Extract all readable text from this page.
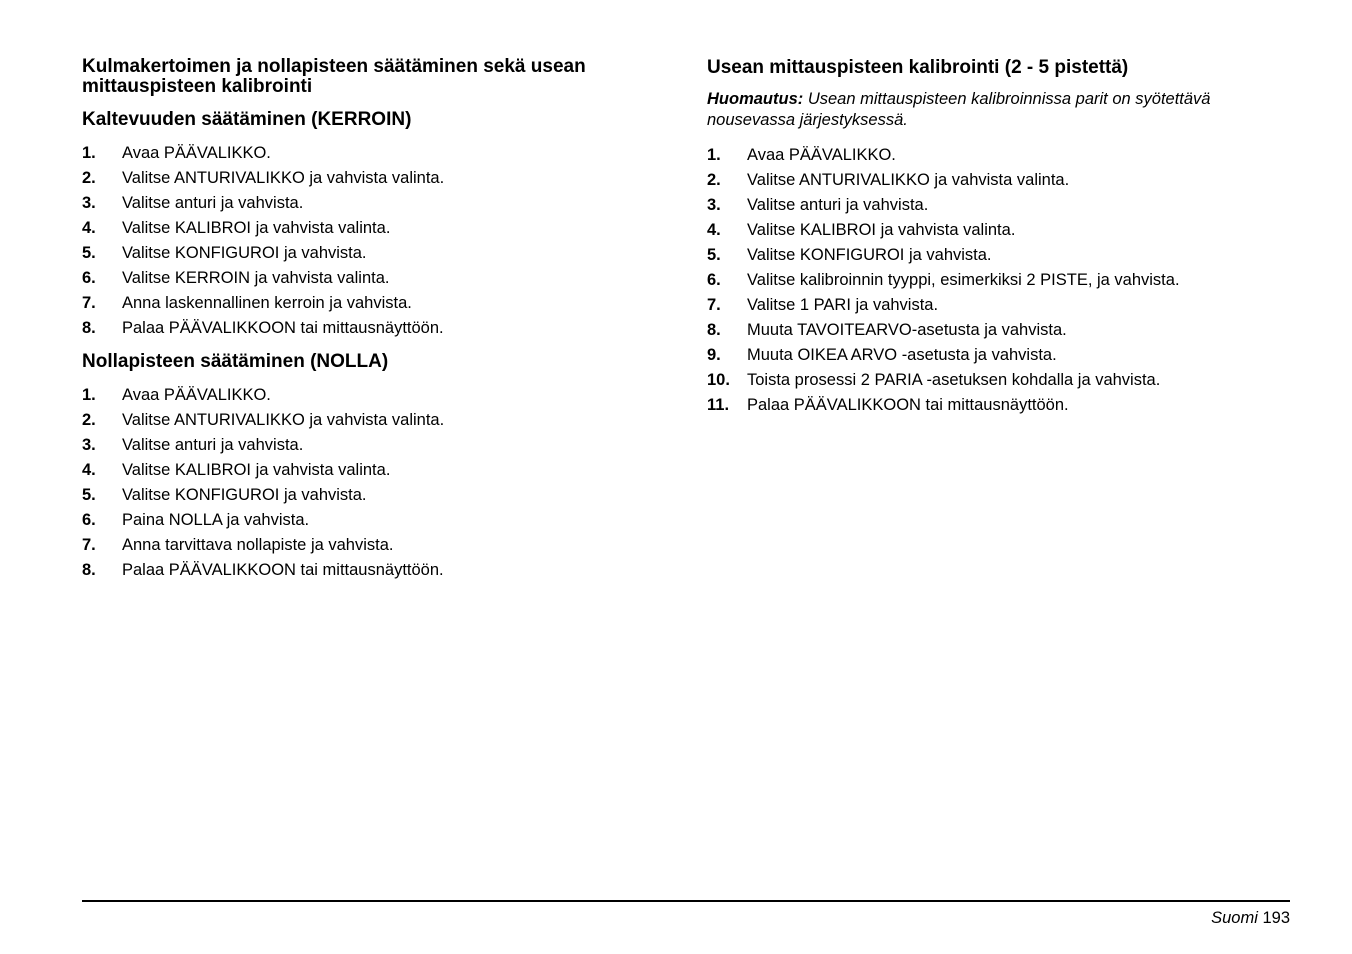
Kulmakertoimen ja nollapisteen säätäminen sekä usean mittauspisteen kalibrointi
Kaltevuuden säätäminen (KERROIN)
1. Avaa PÄÄVALIKKO.
2. Valitse ANTURIVALIKKO ja vahvista valinta.
3. Valitse anturi ja vahvista.
4. Valitse KALIBROI ja vahvista valinta.
5. Valitse KONFIGUROI ja vahvista.
6. Valitse KERROIN ja vahvista valinta.
7. Anna laskennallinen kerroin ja vahvista.
8. Palaa PÄÄVALIKKOON tai mittausnäyttöön.
Nollapisteen säätäminen (NOLLA)
1. Avaa PÄÄVALIKKO.
2. Valitse ANTURIVALIKKO ja vahvista valinta.
3. Valitse anturi ja vahvista.
4. Valitse KALIBROI ja vahvista valinta.
5. Valitse KONFIGUROI ja vahvista.
6. Paina NOLLA ja vahvista.
7. Anna tarvittava nollapiste ja vahvista.
8. Palaa PÄÄVALIKKOON tai mittausnäyttöön.
Usean mittauspisteen kalibrointi (2 - 5 pistettä)
Huomautus: Usean mittauspisteen kalibroinnissa parit on syötettävä
nousevassa järjestyksessä.
1. Avaa PÄÄVALIKKO.
2. Valitse ANTURIVALIKKO ja vahvista valinta.
3. Valitse anturi ja vahvista.
4. Valitse KALIBROI ja vahvista valinta.
5. Valitse KONFIGUROI ja vahvista.
6. Valitse kalibroinnin tyyppi, esimerkiksi 2 PISTE, ja vahvista.
7. Valitse 1 PARI ja vahvista.
8. Muuta TAVOITEARVO-asetusta ja vahvista.
9. Muuta OIKEA ARVO -asetusta ja vahvista.
10. Toista prosessi 2 PARIA -asetuksen kohdalla ja vahvista.
11. Palaa PÄÄVALIKKOON tai mittausnäyttöön.
Suomi 193
